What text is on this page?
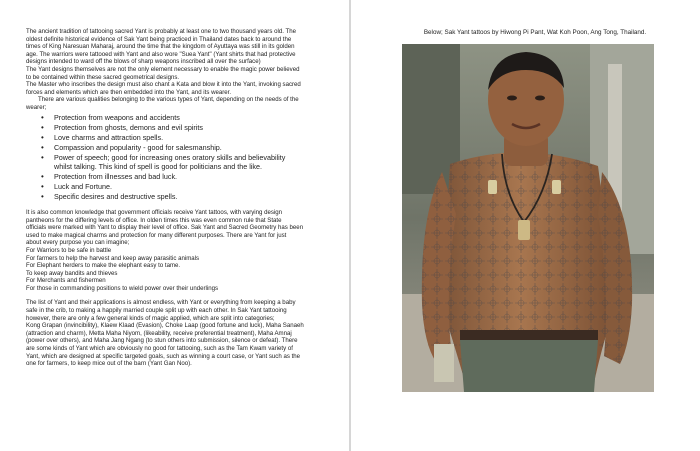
The ancient tradition of tattooing sacred Yant is probably at least one to two thousand years old. The

oldest definite historical evidence of Sak Yant being practiced in Thailand dates back to around the

times of King Naresuan Maharaj, around the time that the kingdom of Ayuttaya was still in its golden

age. The warriors were tattooed with Yant and also wore "Suea Yant" (Yant shirts that had protective

designs intended to ward off the blows of sharp weapons inscribed all over the surface)

The Yant designs themselves are not the only element necessary to enable the magic power believed

to be contained within these sacred geometrical designs.

The Master who inscribes the design must also chant a Kata and blow it into the Yant, invoking sacred

forces and elements which are then embedded into the Yant, and its wearer.

There are various qualities belonging to the various types of Yant, depending on the needs of the

wearer;

• Protection from weapons and accidents
• Protection from ghosts, demons and evil spirits
• Love charms and attraction spells.
• Compassion and popularity - good for salesmanship.
• Power of speech; good for increasing ones oratory skills and believability
whilst talking. This kind of spell is good for politicians and the like.
• Protection from illnesses and bad luck.
• Luck and Fortune.
• Specific desires and destructive spells.

It is also common knowledge that government officials receive Yant tattoos, with varying design

pantheons for the differing levels of office. In olden times this was even common rule that State

officials were marked with Yant to display their level of office. Sak Yant and Sacred Geometry has been

used to make magical charms and protection for many different purposes. There are Yant for just

about every purpose you can imagine;

For Warriors to be safe in battle

For farmers to help the harvest and keep away parasitic animals

For Elephant herders to make the elephant easy to tame.

To keep away bandits and thieves

For Merchants and fishermen

For those in commanding positions to wield power over their underlings

The list of Yant and their applications is almost endless, with Yant or everything from keeping a baby

safe in the crib, to making a happily married couple split up with each other. In Sak Yant tattooing

however, there are only a few general kinds of magic applied, which are split into categories;

Kong Grapan (invincibility), Klaew Klaad (Evasion), Choke Laap (good fortune and luck), Maha Sanaeh

(attraction and charm), Metta Maha Niyom, (likeability, receive preferential treatment), Maha Amnaj

(power over others), and Maha Jang Ngang (to stun others into submission, silence or defeat). There

are some kinds of Yant which are obviously no good for tattooing, such as the Tam Kwam variety of

Yant, which are designed at specific targeted goals, such as winning a court case, or Yant such as the

one for farmers, to keep mice out of the barn (Yant Gan Noo).

Below; Sak Yant tattoos by Hiwong Pi Pant, Wat Koh Poon, Ang Tong, Thailand.
